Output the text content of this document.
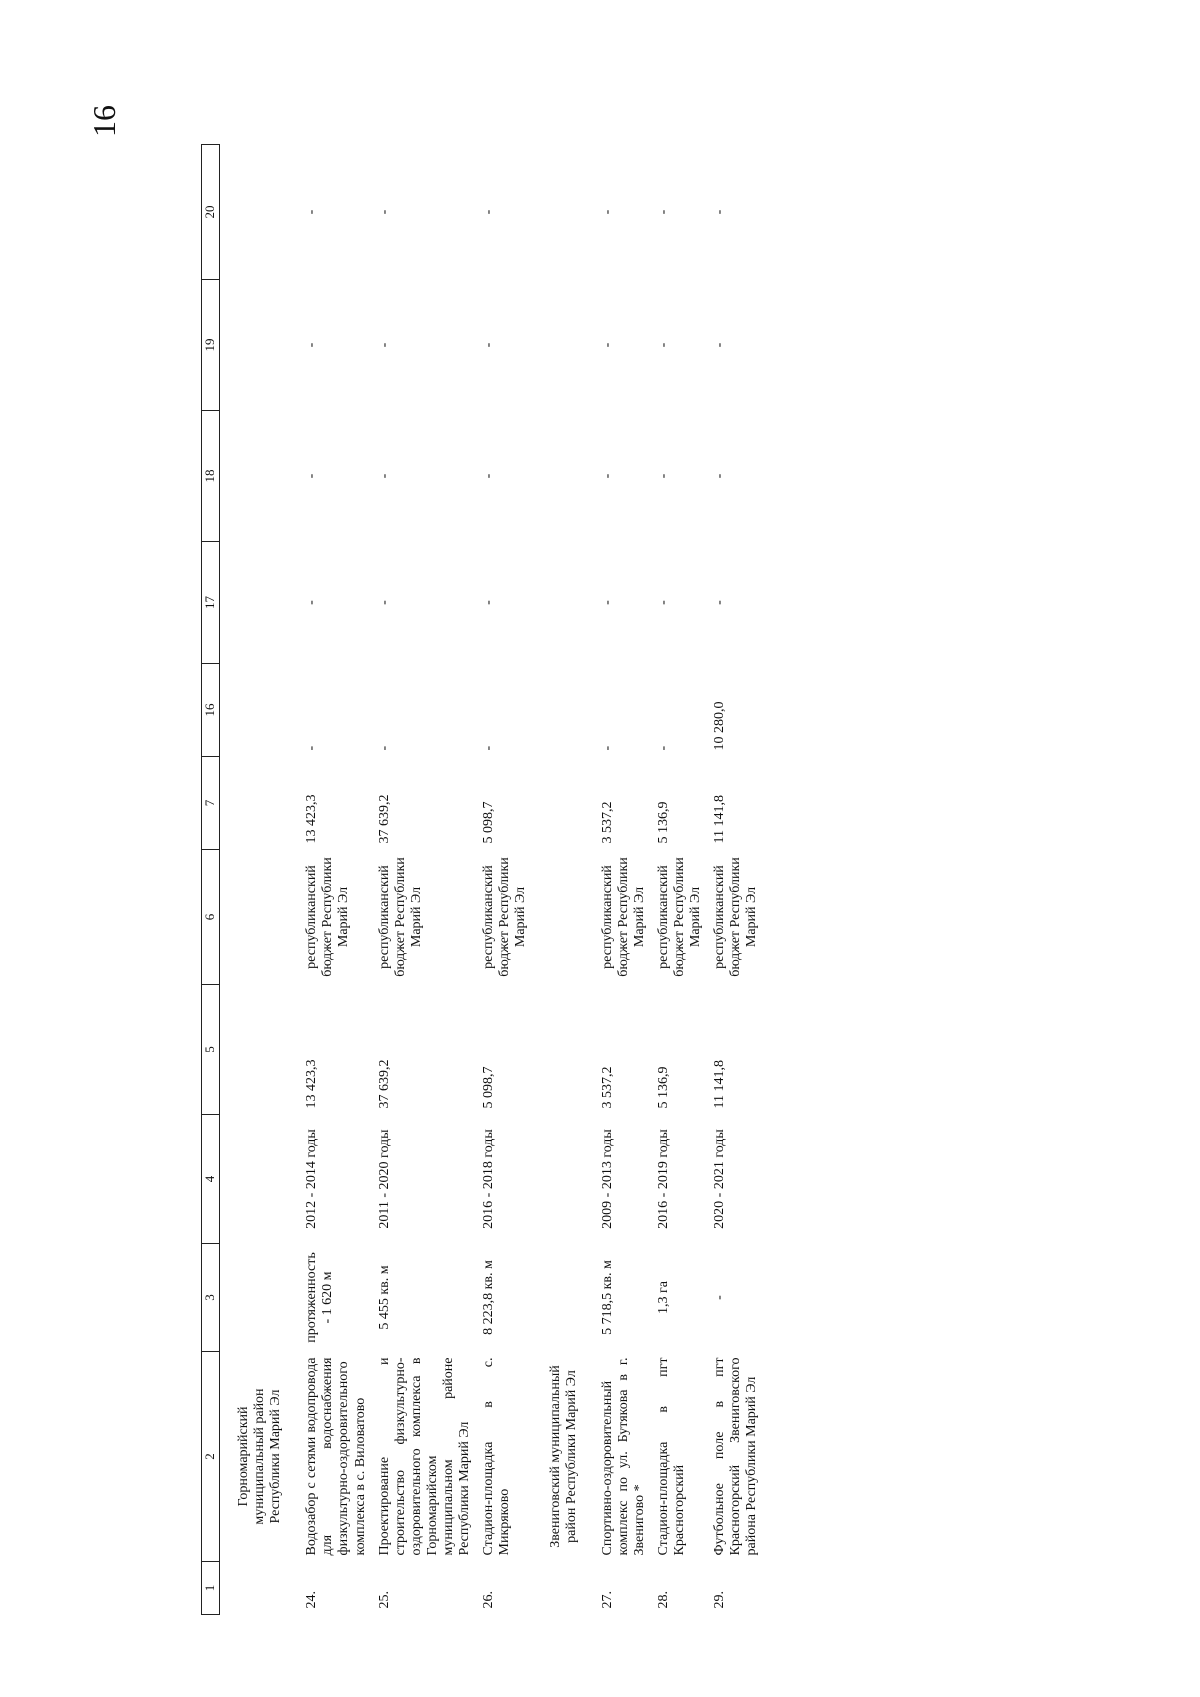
16
1	2	3	4	5	6	7	16	17	18	19	20
	Горномарийский муниципальный район Республики Марий Эл										
24.	Водозабор с сетями водопровода для водоснабжения физкультурно-оздоровительного комплекса в с. Виловатово	протяженность - 1 620 м	2012 - 2014 годы	13 423,3	республиканский бюджет Республики Марий Эл	13 423,3	-	-	-	-	-
25.	Проектирование и строительство физкультурно-оздоровительного комплекса в Горномарийском муниципальном районе Республики Марий Эл	5 455 кв. м	2011 - 2020 годы	37 639,2	республиканский бюджет Республики Марий Эл	37 639,2	-	-	-	-	-
26.	Стадион-площадка в с. Микряково	8 223,8 кв. м	2016 - 2018 годы	5 098,7	республиканский бюджет Республики Марий Эл	5 098,7	-	-	-	-	-
	Звениговский муниципальный район Республики Марий Эл										
27.	Спортивно-оздоровительный комплекс по ул. Бутякова в г. Звенигово *	5 718,5 кв. м	2009 - 2013 годы	3 537,2	республиканский бюджет Республики Марий Эл	3 537,2	-	-	-	-	-
28.	Стадион-площадка в пгт Красногорский	1,3 га	2016 - 2019 годы	5 136,9	республиканский бюджет Республики Марий Эл	5 136,9	-	-	-	-	-
29.	Футбольное поле в пгт Красногорский Звениговского района Республики Марий Эл	-	2020 - 2021 годы	11 141,8	республиканский бюджет Республики Марий Эл	11 141,8	10 280,0	-	-	-	-
